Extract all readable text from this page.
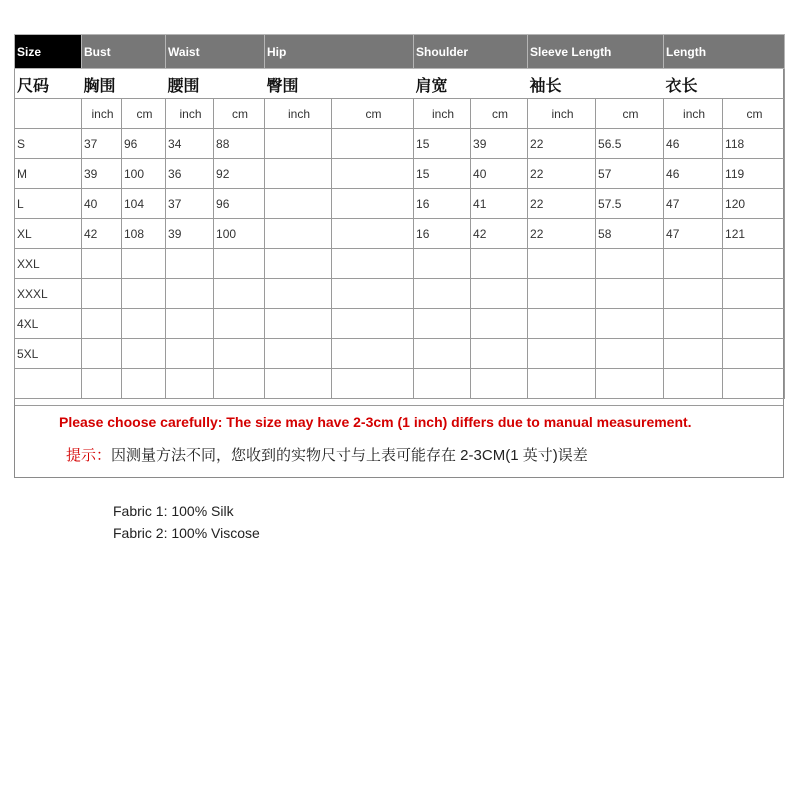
Size	Bust		Waist		Hip		Shoulder		Sleeve Length		Length	
尺码	胸围		腰围		臀围		肩宽		袖长		衣长	
	inch	cm	inch	cm	inch	cm	inch	cm	inch	cm	inch	cm
S	37	96	34	88			15	39	22	56.5	46	118
M	39	100	36	92			15	40	22	57	46	119
L	40	104	37	96			16	41	22	57.5	47	120
XL	42	108	39	100			16	42	22	58	47	121
XXL												
XXXL												
4XL												
5XL												

Please choose carefully: The size may have 2-3cm (1 inch) differs due to manual measurement.
提示：因测量方法不同，您收到的实物尺寸与上表可能存在 2-3CM(1 英寸)误差
Fabric 1: 100% Silk
Fabric 2: 100% Viscose
